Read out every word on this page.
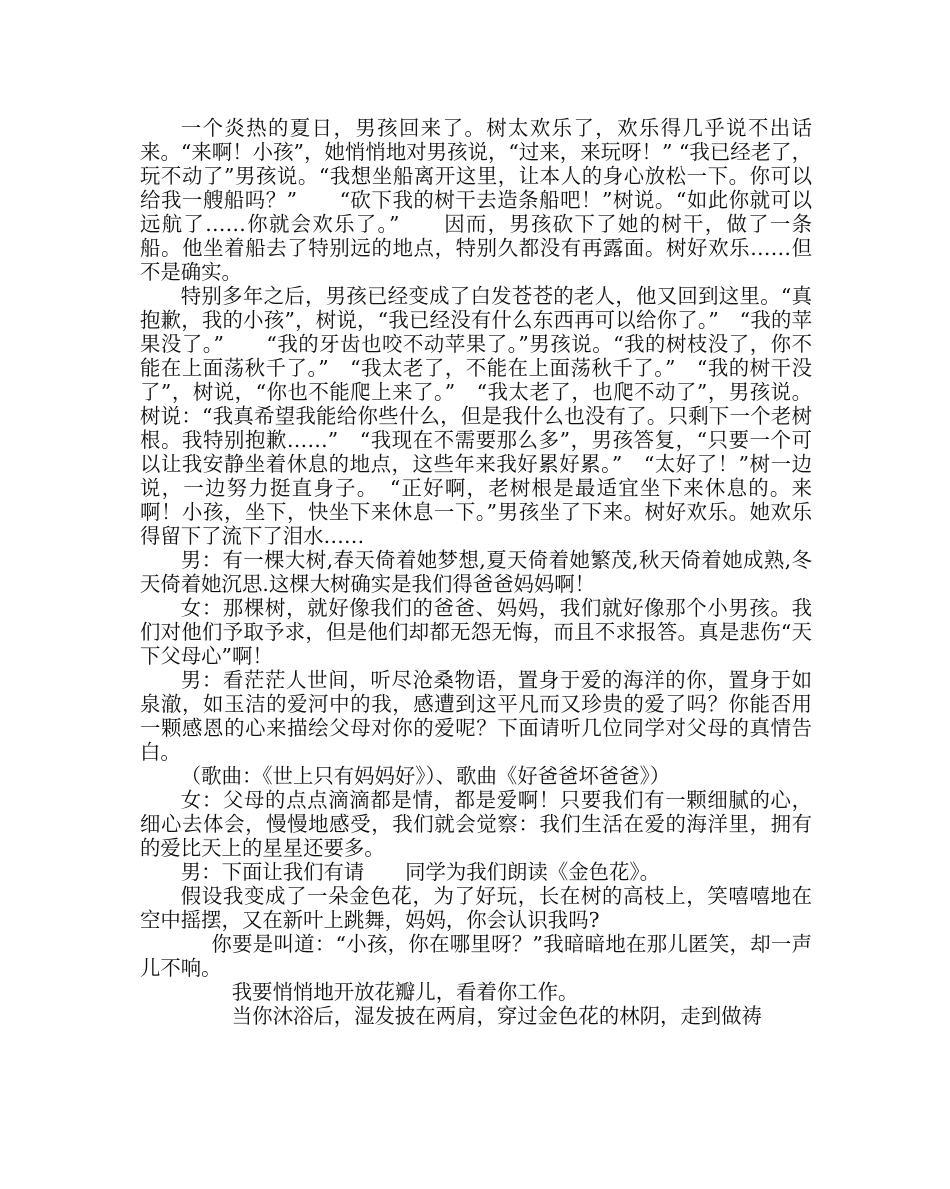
一个炎热的夏日，男孩回来了。树太欢乐了，欢乐得几乎说不出话来。“来啊！小孩”，她悄悄地对男孩说，“过来，来玩呀！” “我已经老了，玩不动了”男孩说。“我想坐船离开这里，让本人的身心放松一下。你可以给我一艘船吗？”　　“砍下我的树干去造条船吧！”树说。“如此你就可以远航了……你就会欢乐了。”　　因而，男孩砍下了她的树干，做了一条船。他坐着船去了特别远的地点，特别久都没有再露面。树好欢乐……但不是确实。

特别多年之后，男孩已经变成了白发苍苍的老人，他又回到这里。“真抱歉，我的小孩”，树说，“我已经没有什么东西再可以给你了。”　“我的苹果没了。”　　“我的牙齿也咬不动苹果了。”男孩说。“我的树枝没了，你不能在上面荡秋千了。”　“我太老了，不能在上面荡秋千了。”　“我的树干没了”，树说，“你也不能爬上来了。”　“我太老了，也爬不动了”，男孩说。树说：“我真希望我能给你些什么，但是我什么也没有了。只剩下一个老树根。我特别抱歉……”　“我现在不需要那么多”，男孩答复，“只要一个可以让我安静坐着休息的地点，这些年来我好累好累。”　“太好了！”树一边说，一边努力挺直身子。　“正好啊，老树根是最适宜坐下来休息的。来啊！小孩，坐下，快坐下来休息一下。”男孩坐了下来。树好欢乐。她欢乐得留下了流下了泪水……

男：有一棵大树,春天倚着她梦想,夏天倚着她繁茂,秋天倚着她成熟,冬天倚着她沉思.这棵大树确实是我们得爸爸妈妈啊！

女：那棵树，就好像我们的爸爸、妈妈，我们就好像那个小男孩。我们对他们予取予求，但是他们却都无怨无悔，而且不求报答。真是悲伤“天下父母心”啊！

男：看茫茫人世间，听尽沧桑物语，置身于爱的海洋的你，置身于如泉澈，如玉洁的爱河中的我，感遭到这平凡而又珍贵的爱了吗？你能否用一颗感恩的心来描绘父母对你的爱呢？下面请听几位同学对父母的真情告白。

（歌曲：《世上只有妈妈好》）、歌曲《好爸爸坏爸爸》）

女：父母的点点滴滴都是情，都是爱啊！只要我们有一颗细腻的心，细心去体会，慢慢地感受，我们就会觉察：我们生活在爱的海洋里，拥有的爱比天上的星星还要多。

男：下面让我们有请　　同学为我们朗读《金色花》。

假设我变成了一朵金色花，为了好玩，长在树的高枝上，笑嘻嘻地在空中摇摆，又在新叶上跳舞，妈妈，你会认识我吗?

你要是叫道：“小孩，你在哪里呀？”我暗暗地在那儿匿笑，却一声儿不响。

我要悄悄地开放花瓣儿，看着你工作。

当你沐浴后，湿发披在两肩，穿过金色花的林阴，走到做祷
